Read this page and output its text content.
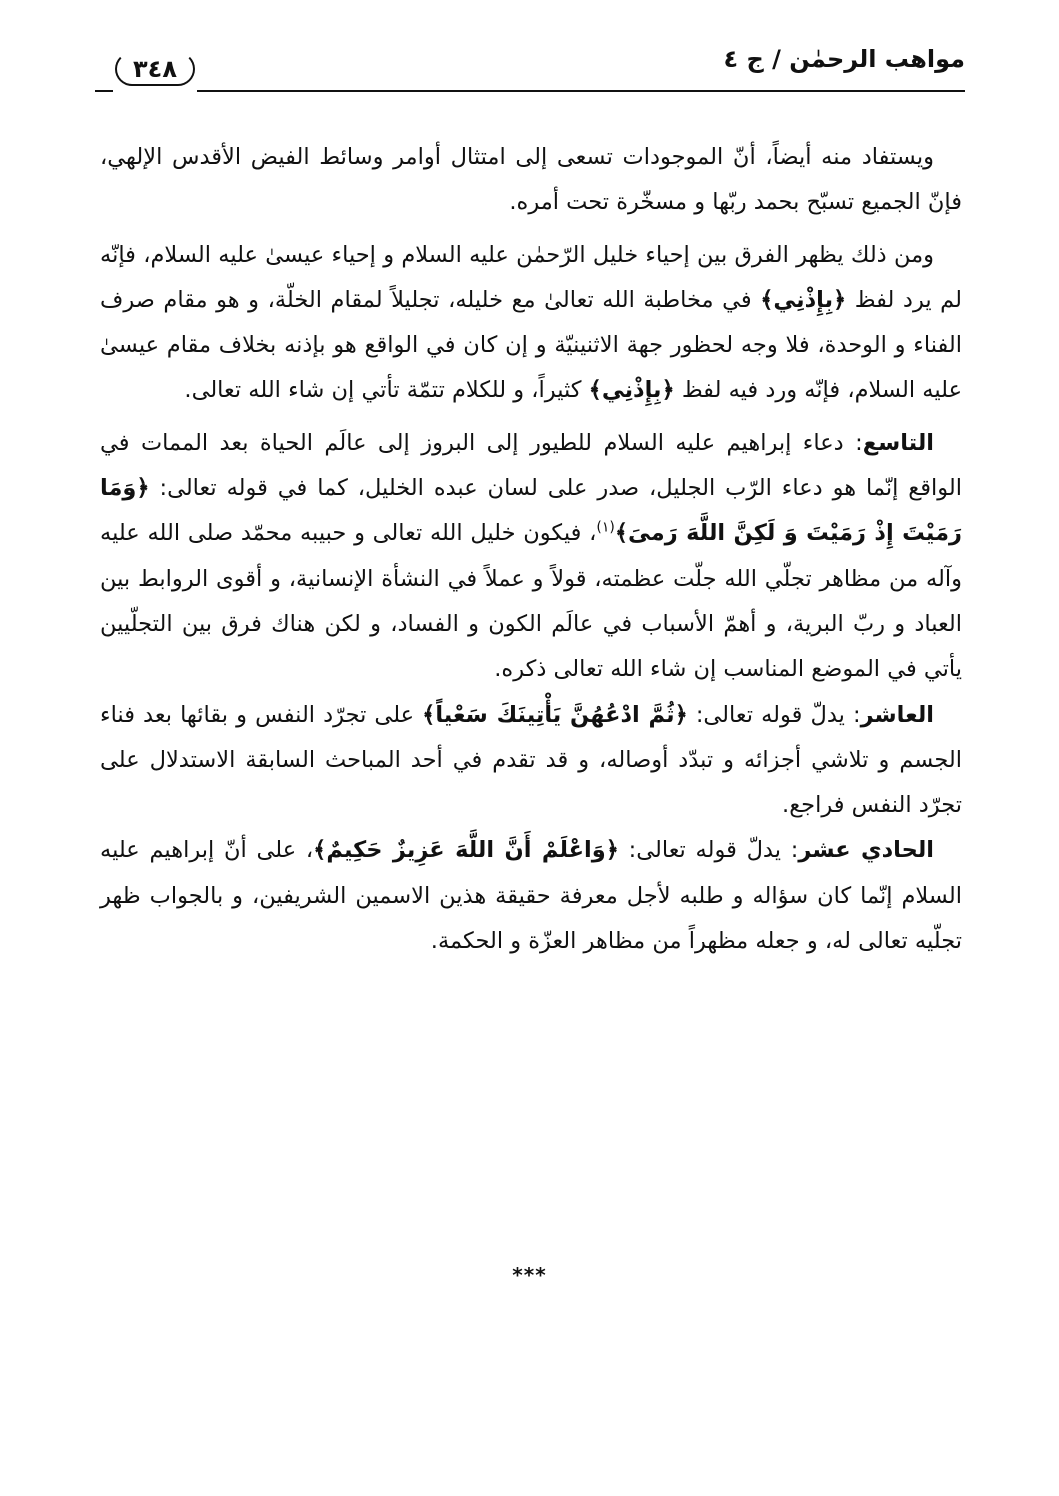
مواهب الرحمٰن / ج ٤
٣٤٨

ويستفاد منه أيضاً، أنّ الموجودات تسعى إلى امتثال أوامر وسائط الفيض الأقدس الإلهي، فإنّ الجميع تسبّح بحمد ربّها و مسخّرة تحت أمره.

ومن ذلك يظهر الفرق بين إحياء خليل الرّحمٰن عليه السلام و إحياء عيسىٰ عليه السلام، فإنّه لم يرد لفظ ﴿بِإِذْنِي﴾ في مخاطبة الله تعالىٰ مع خليله، تجليلاً لمقام الخلّة، و هو مقام صرف الفناء و الوحدة، فلا وجه لحظور جهة الاثنينيّة و إن كان في الواقع هو بإذنه بخلاف مقام عيسىٰ عليه السلام، فإنّه ورد فيه لفظ ﴿بِإِذْنِي﴾ كثيراً، و للكلام تتمّة تأتي إن شاء الله تعالى.

التاسع: دعاء إبراهيم عليه السلام للطيور إلى البروز إلى عالَم الحياة بعد الممات في الواقع إنّما هو دعاء الرّب الجليل، صدر على لسان عبده الخليل، كما في قوله تعالى: ﴿وَمَا رَمَيْتَ إِذْ رَمَيْتَ وَ لَكِنَّ اللَّهَ رَمىَ﴾$^{(١)}$، فيكون خليل الله تعالى و حبيبه محمّد صلى الله عليه وآله من مظاهر تجلّي الله جلّت عظمته، قولاً و عملاً في النشأة الإنسانية، و أقوى الروابط بين العباد و ربّ البرية، و أهمّ الأسباب في عالَم الكون و الفساد، و لكن هناك فرق بين التجلّيين يأتي في الموضع المناسب إن شاء الله تعالى ذكره.

العاشر: يدلّ قوله تعالى: ﴿ثُمَّ ادْعُهُنَّ يَأْتِينَكَ سَعْياً﴾ على تجرّد النفس و بقائها بعد فناء الجسم و تلاشي أجزائه و تبدّد أوصاله، و قد تقدم في أحد المباحث السابقة الاستدلال على تجرّد النفس فراجع.

الحادي عشر: يدلّ قوله تعالى: ﴿وَاعْلَمْ أَنَّ اللَّهَ عَزِيزٌ حَكِيمٌ﴾، على أنّ إبراهيم عليه السلام إنّما كان سؤاله و طلبه لأجل معرفة حقيقة هذين الاسمين الشريفين، و بالجواب ظهر تجلّيه تعالى له، و جعله مظهراً من مظاهر العزّة و الحكمة.

***
